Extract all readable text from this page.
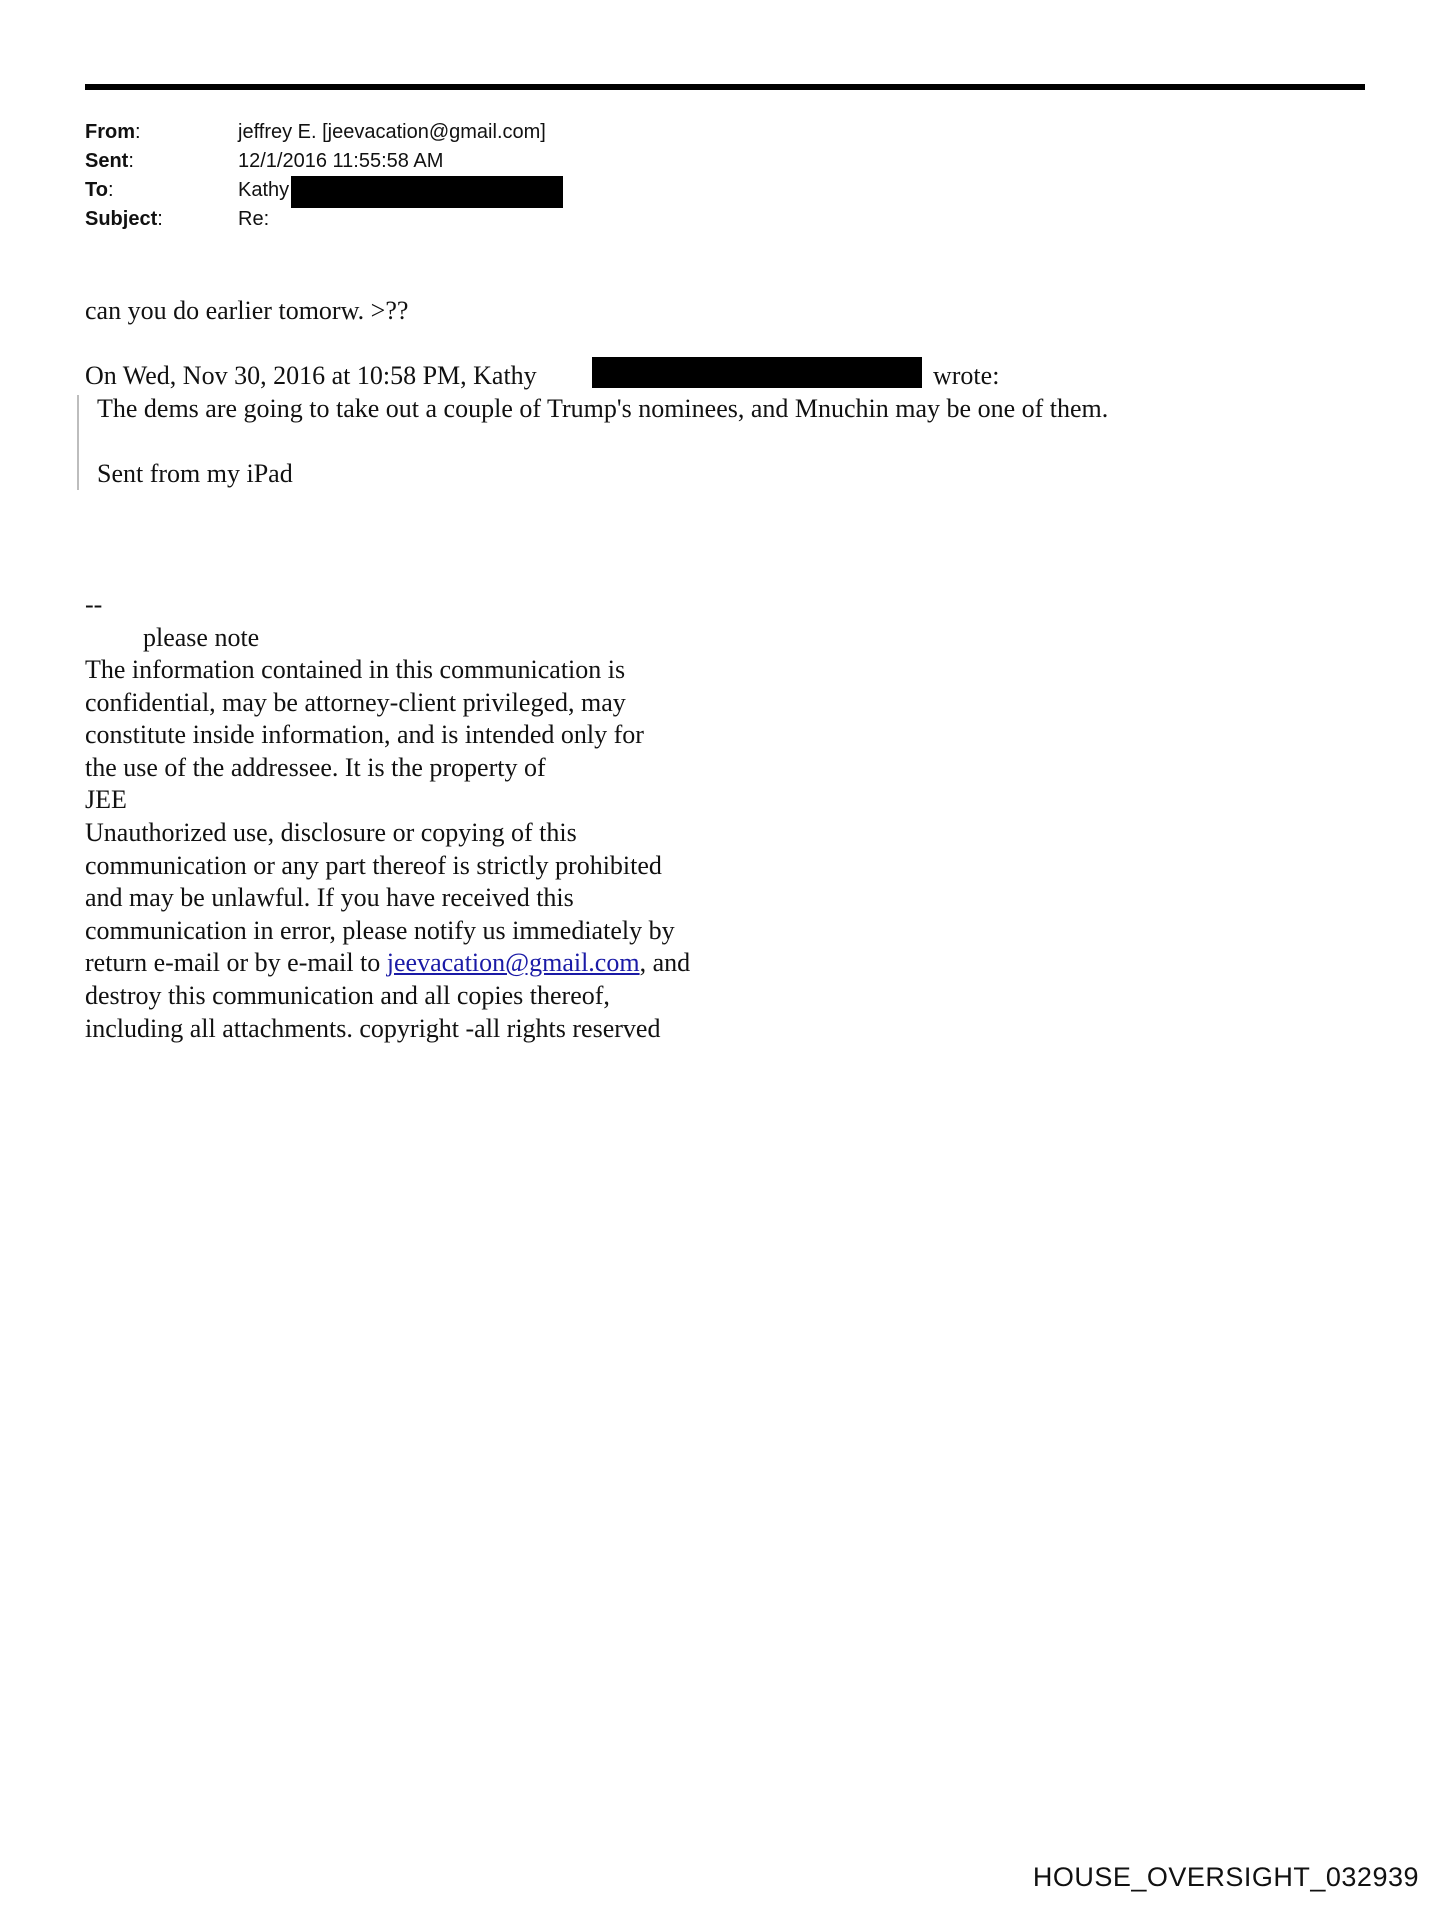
From:	jeffrey E. [jeevacation@gmail.com]
Sent:	12/1/2016 11:55:58 AM
To:	Kathy
Subject:	Re:
can you do earlier tomorw. >??
On Wed, Nov 30, 2016 at 10:58 PM, Kathy	wrote:
The dems are going to take out a couple of Trump's nominees, and Mnuchin may be one of them.
Sent from my iPad
--
please note
The information contained in this communication is
confidential, may be attorney-client privileged, may
constitute inside information, and is intended only for
the use of the addressee. It is the property of
JEE
Unauthorized use, disclosure or copying of this
communication or any part thereof is strictly prohibited
and may be unlawful. If you have received this
communication in error, please notify us immediately by
return e-mail or by e-mail to jeevacation@gmail.com, and
destroy this communication and all copies thereof,
including all attachments. copyright -all rights reserved
HOUSE_OVERSIGHT_032939
